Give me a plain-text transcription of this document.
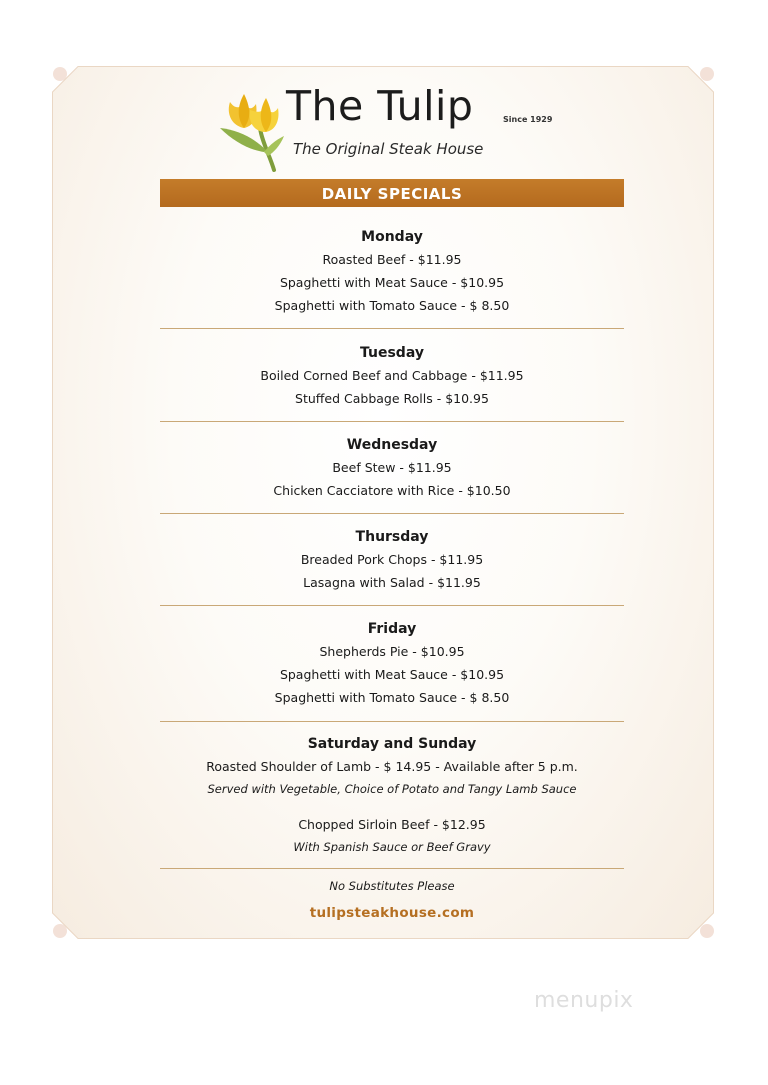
The Tulip	Since 1929
The Original Steak House
DAILY SPECIALS
Monday
Roasted Beef - $11.95
Spaghetti with Meat Sauce - $10.95
Spaghetti with Tomato Sauce - $ 8.50
Tuesday
Boiled Corned Beef and Cabbage - $11.95
Stuffed Cabbage Rolls - $10.95
Wednesday
Beef Stew - $11.95
Chicken Cacciatore with Rice - $10.50
Thursday
Breaded Pork Chops - $11.95
Lasagna with Salad - $11.95
Friday
Shepherds Pie - $10.95
Spaghetti with Meat Sauce - $10.95
Spaghetti with Tomato Sauce - $ 8.50
Saturday and Sunday
Roasted Shoulder of Lamb - $ 14.95 - Available after 5 p.m.
Served with Vegetable, Choice of Potato and Tangy Lamb Sauce
Chopped Sirloin Beef - $12.95
With Spanish Sauce or Beef Gravy
No Substitutes Please
tulipsteakhouse.com
menupix
